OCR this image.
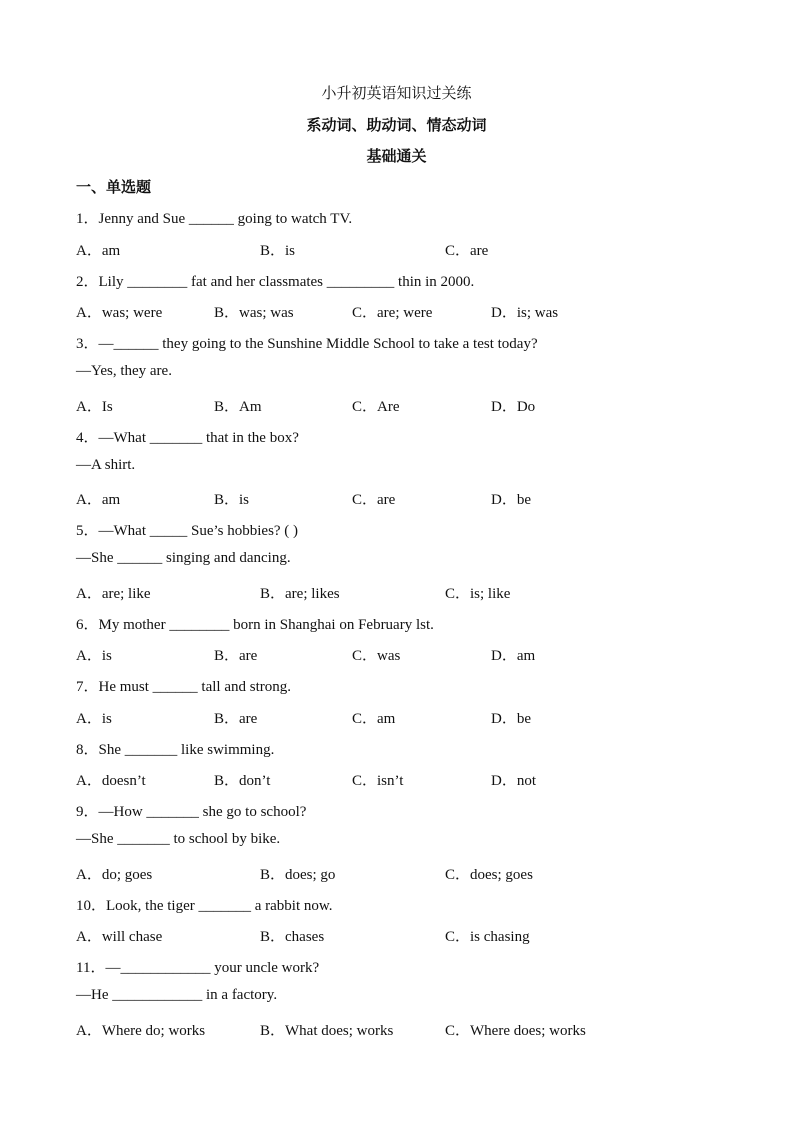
小升初英语知识过关练
系动词、助动词、情态动词
基础通关
一、单选题
1．Jenny and Sue ______ going to watch TV.
A．am	B．is	C．are
2．Lily ________ fat and her classmates _________ thin in 2000.
A．was; were	B．was; was	C．are; were	D．is; was
3．—______ they going to the Sunshine Middle School to take a test today?
—Yes, they are.
A．Is	B．Am	C．Are	D．Do
4．—What _______ that in the box?
—A shirt.
A．am	B．is	C．are	D．be
5．—What _____ Sue’s hobbies? ( )
—She ______ singing and dancing.
A．are; like	B．are; likes	C．is; like
6．My mother ________ born in Shanghai on February lst.
A．is	B．are	C．was	D．am
7．He must ______ tall and strong.
A．is	B．are	C．am	D．be
8．She _______ like swimming.
A．doesn’t	B．don’t	C．isn’t	D．not
9．—How _______ she go to school?
—She _______ to school by bike.
A．do; goes	B．does; go	C．does; goes
10．Look, the tiger _______ a rabbit now.
A．will chase	B．chases	C．is chasing
11．—____________ your uncle work?
—He ____________ in a factory.
A．Where do; works	B．What does; works	C．Where does; works
